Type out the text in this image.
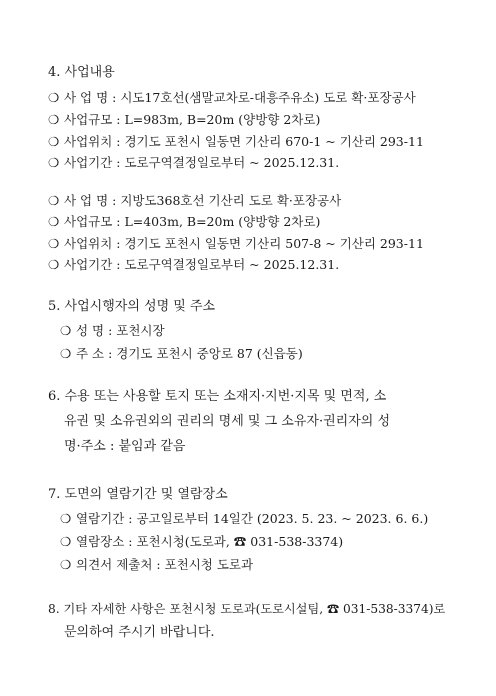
4. 사업내용
❍ 사 업 명 : 시도17호선(샘말교차로-대흥주유소) 도로 확·포장공사
❍ 사업규모 : L=983m, B=20m (양방향 2차로)
❍ 사업위치 : 경기도 포천시 일동면 기산리 670-1 ~ 기산리 293-11
❍ 사업기간 : 도로구역결정일로부터 ~ 2025.12.31.
❍ 사 업 명 : 지방도368호선 기산리 도로 확·포장공사
❍ 사업규모 : L=403m, B=20m (양방향 2차로)
❍ 사업위치 : 경기도 포천시 일동면 기산리 507-8 ~ 기산리 293-11
❍ 사업기간 : 도로구역결정일로부터 ~ 2025.12.31.
5. 사업시행자의 성명 및 주소
❍ 성 명 : 포천시장
❍ 주 소 : 경기도 포천시 중앙로 87 (신읍동)
6. 수용 또는 사용할 토지 또는 소재지·지번·지목 및 면적, 소
유권 및 소유권외의 권리의 명세 및 그 소유자·권리자의 성
명·주소 : 붙임과 같음
7. 도면의 열람기간 및 열람장소
❍ 열람기간 : 공고일로부터 14일간 (2023. 5. 23. ~ 2023. 6. 6.)
❍ 열람장소 : 포천시청(도로과, ☎ 031-538-3374)
❍ 의견서 제출처 : 포천시청 도로과
8. 기타 자세한 사항은 포천시청 도로과(도로시설팀, ☎ 031-538-3374)로
문의하여 주시기 바랍니다.
